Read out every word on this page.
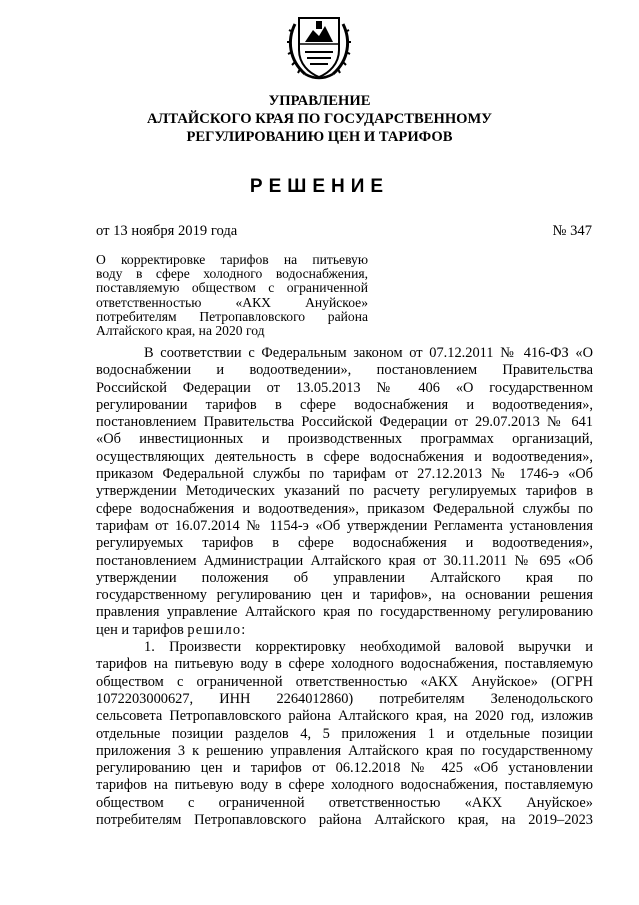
УПРАВЛЕНИЕ
АЛТАЙСКОГО КРАЯ ПО ГОСУДАРСТВЕННОМУ
РЕГУЛИРОВАНИЮ ЦЕН И ТАРИФОВ
РЕШЕНИЕ
от 13 ноября 2019 года	№ 347
О корректировке тарифов на питьевую
воду в сфере холодного водоснабжения,
поставляемую обществом с ограниченной
ответственностью «АКХ Ануйское»
потребителям Петропавловского района
Алтайского края, на 2020 год
В соответствии с Федеральным законом от 07.12.2011 № 416-ФЗ «О
водоснабжении и водоотведении», постановлением Правительства
Российской Федерации от 13.05.2013 № 406 «О государственном
регулировании тарифов в сфере водоснабжения и водоотведения»,
постановлением Правительства Российской Федерации от 29.07.2013 № 641
«Об инвестиционных и производственных программах организаций,
осуществляющих деятельность в сфере водоснабжения и водоотведения»,
приказом Федеральной службы по тарифам от 27.12.2013 № 1746-э «Об
утверждении Методических указаний по расчету регулируемых тарифов в
сфере водоснабжения и водоотведения», приказом Федеральной службы по
тарифам от 16.07.2014 № 1154-э «Об утверждении Регламента установления
регулируемых тарифов в сфере водоснабжения и водоотведения»,
постановлением Администрации Алтайского края от 30.11.2011 № 695 «Об
утверждении положения об управлении Алтайского края по
государственному регулированию цен и тарифов», на основании решения
правления управление Алтайского края по государственному регулированию
цен и тарифов решило:
1. Произвести корректировку необходимой валовой выручки и
тарифов на питьевую воду в сфере холодного водоснабжения, поставляемую
обществом с ограниченной ответственностью «АКХ Ануйское» (ОГРН
1072203000627, ИНН 2264012860) потребителям Зеленодольского
сельсовета Петропавловского района Алтайского края, на 2020 год, изложив
отдельные позиции разделов 4, 5 приложения 1 и отдельные позиции
приложения 3 к решению управления Алтайского края по государственному
регулированию цен и тарифов от 06.12.2018 № 425 «Об установлении
тарифов на питьевую воду в сфере холодного водоснабжения, поставляемую
обществом с ограниченной ответственностью «АКХ Ануйское»
потребителям Петропавловского района Алтайского края, на 2019–2023
